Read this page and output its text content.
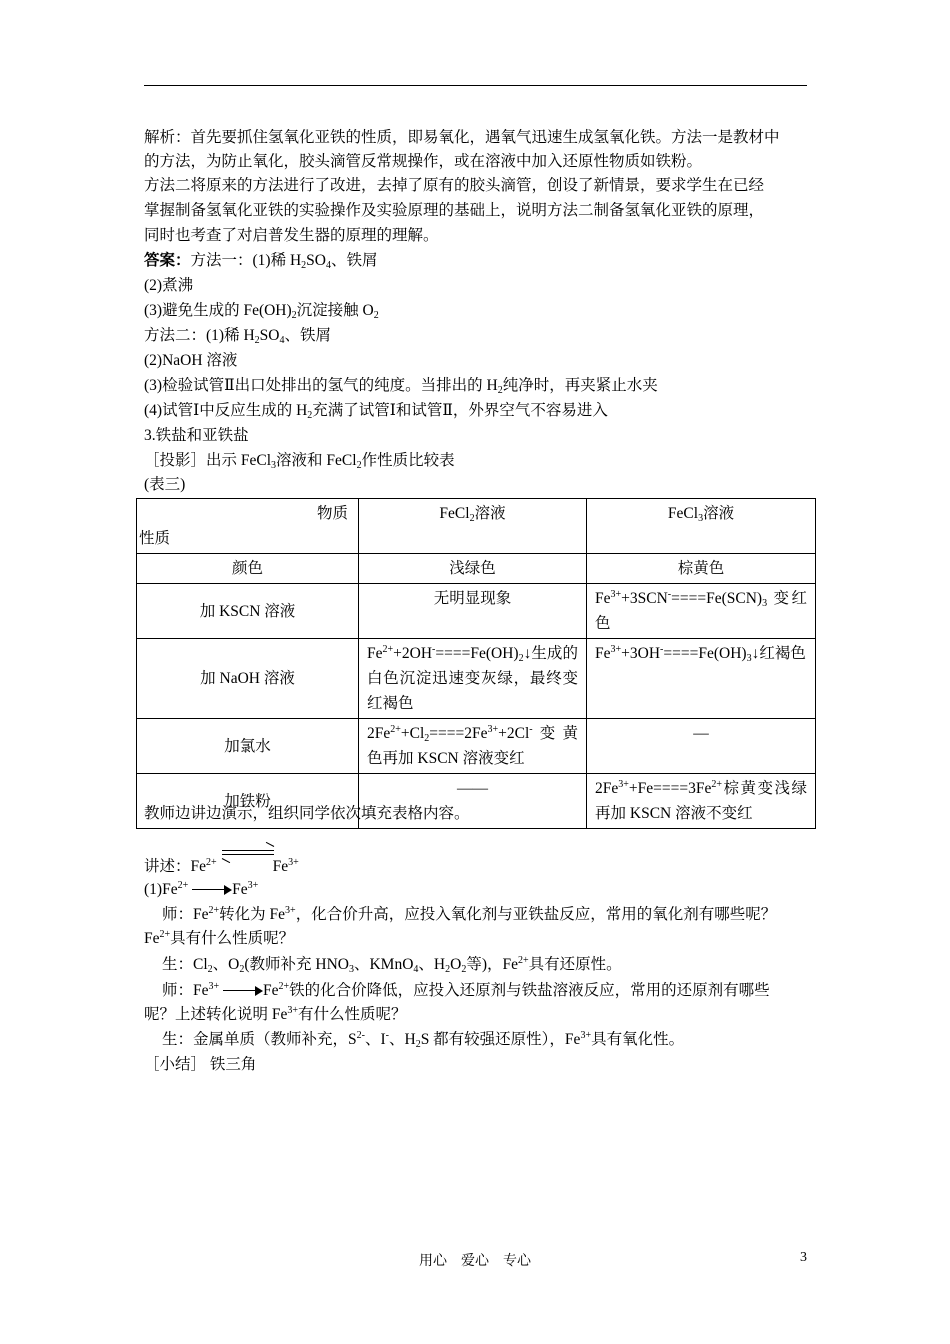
解析：首先要抓住氢氧化亚铁的性质，即易氧化，遇氧气迅速生成氢氧化铁。方法一是教材中
的方法，为防止氧化，胶头滴管反常规操作，或在溶液中加入还原性物质如铁粉。
方法二将原来的方法进行了改进，去掉了原有的胶头滴管，创设了新情景，要求学生在已经
掌握制备氢氧化亚铁的实验操作及实验原理的基础上，说明方法二制备氢氧化亚铁的原理，
同时也考查了对启普发生器的原理的理解。
答案：方法一：(1)稀 $H_2SO_4$、铁屑
(2)煮沸
(3)避免生成的 $Fe(OH)_2$沉淀接触 $O_2$
方法二：(1)稀 $H_2SO_4$、铁屑
(2)NaOH 溶液
(3)检验试管Ⅱ出口处排出的氢气的纯度。当排出的 $H_2$纯净时，再夹紧止水夹
(4)试管Ⅰ中反应生成的 $H_2$充满了试管Ⅰ和试管Ⅱ，外界空气不容易进入
3.铁盐和亚铁盐
［投影］出示 FeCl$_3$溶液和 FeCl$_2$作性质比较表
(表三)
物质
性质	FeCl$_2$溶液	FeCl$_3$溶液
颜色	浅绿色	棕黄色
加 KSCN 溶液	无明显现象	$Fe^{3+}+3SCN^-====Fe(SCN)_3$ 变红色
加 NaOH 溶液	$Fe^{2+}+2OH^-====Fe(OH)_2↓$生成的白色沉淀迅速变灰绿，最终变红褐色	$Fe^{3+}+3OH^-====Fe(OH)_3↓$红褐色
加氯水	$2Fe^{2+}+Cl_2====2Fe^{3+}+2Cl^-$变黄色再加 KSCN 溶液变红	—
加铁粉	——	$2Fe^{3+}+Fe====3Fe^{2+}$棕黄变浅绿再加 KSCN 溶液不变红
教师边讲边演示，组织同学依次填充表格内容。
讲述：$Fe^{2+}$	$Fe^{3+}$
$(1)Fe^{2+}$	$Fe^{3+}$
师：$Fe^{2+}$转化为 $Fe^{3+}$，化合价升高，应投入氧化剂与亚铁盐反应，常用的氧化剂有哪些呢？
$Fe^{2+}$具有什么性质呢？
生：$Cl_2$、$O_2$(教师补充 $HNO_3$、KMnO$_4$、$H_2O_2$等)，$Fe^{2+}$具有还原性。
师：$Fe^{3+}$	$Fe^{2+}$铁的化合价降低，应投入还原剂与铁盐溶液反应，常用的还原剂有哪些
呢？上述转化说明 $Fe^{3+}$有什么性质呢？
生：金属单质（教师补充，$S^{2-}$、I-、$H_2S$ 都有较强还原性），$Fe^{3+}$具有氧化性。
［小结］ 铁三角
用心　爱心　专心	3
